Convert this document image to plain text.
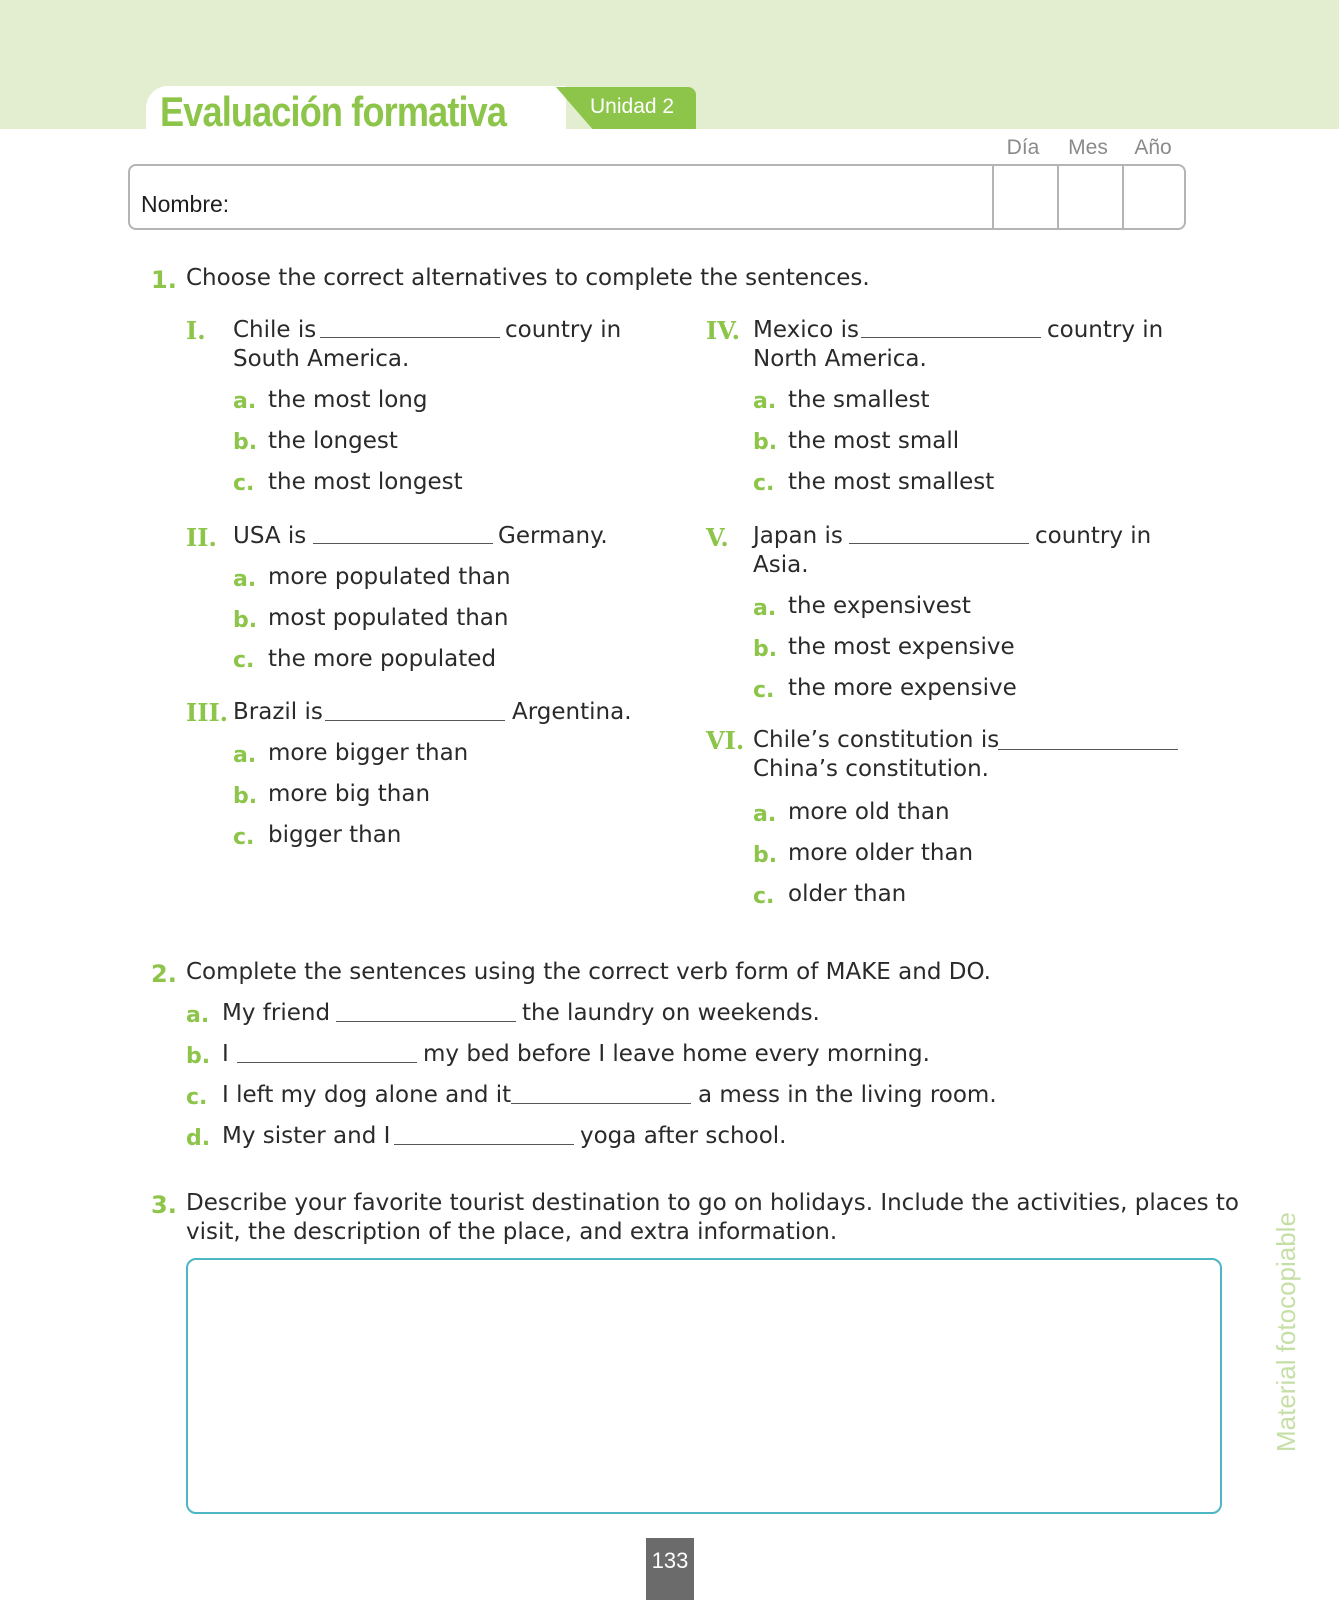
Evaluación formativa	Unidad 2
Día	Mes	Año
Nombre:
1. Choose the correct alternatives to complete the sentences.
I. Chile is	country in
South America.
a. the most long
b. the longest
c. the most longest
II. USA is	Germany.
a. more populated than
b. most populated than
c. the more populated
III. Brazil is	Argentina.
a. more bigger than
b. more big than
c. bigger than
IV. Mexico is	country in
North America.
a. the smallest
b. the most small
c. the most smallest
V. Japan is	country in
Asia.
a. the expensivest
b. the most expensive
c. the more expensive
VI. Chile’s constitution is
China’s constitution.
a. more old than
b. more older than
c. older than
2. Complete the sentences using the correct verb form of MAKE and DO.
a. My friend	the laundry on weekends.
b. I	my bed before I leave home every morning.
c. I left my dog alone and it	a mess in the living room.
d. My sister and I	yoga after school.
3. Describe your favorite tourist destination to go on holidays. Include the activities, places to
visit, the description of the place, and extra information.	Material fotocopiable
133
